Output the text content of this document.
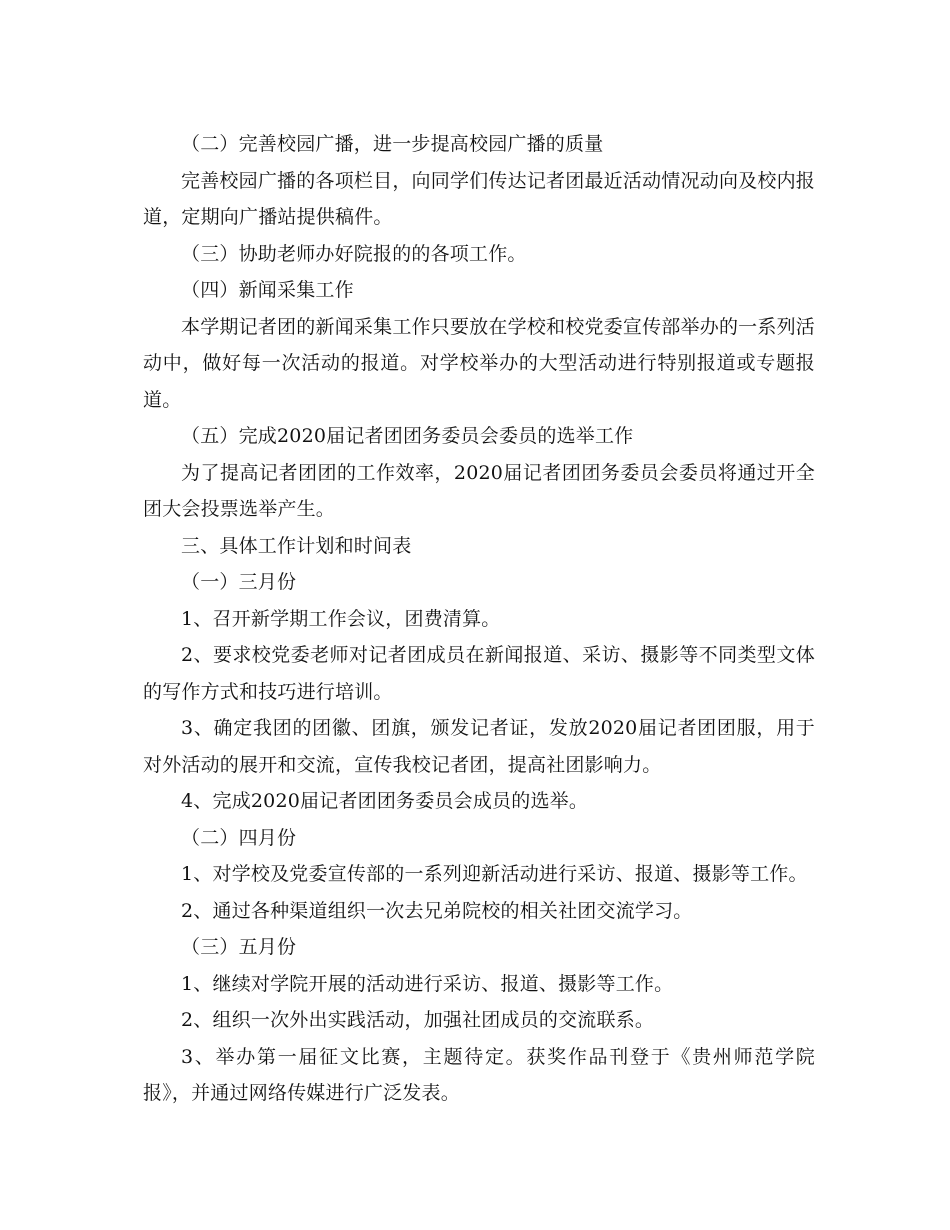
（二）完善校园广播，进一步提高校园广播的质量

完善校园广播的各项栏目，向同学们传达记者团最近活动情况动向及校内报道，定期向广播站提供稿件。

（三）协助老师办好院报的的各项工作。

（四）新闻采集工作

本学期记者团的新闻采集工作只要放在学校和校党委宣传部举办的一系列活动中，做好每一次活动的报道。对学校举办的大型活动进行特别报道或专题报道。

（五）完成2020届记者团团务委员会委员的选举工作

为了提高记者团团的工作效率，2020届记者团团务委员会委员将通过开全团大会投票选举产生。

三、具体工作计划和时间表

（一）三月份

1、召开新学期工作会议，团费清算。

2、要求校党委老师对记者团成员在新闻报道、采访、摄影等不同类型文体的写作方式和技巧进行培训。

3、确定我团的团徽、团旗，颁发记者证，发放2020届记者团团服，用于对外活动的展开和交流，宣传我校记者团，提高社团影响力。

4、完成2020届记者团团务委员会成员的选举。

（二）四月份

1、对学校及党委宣传部的一系列迎新活动进行采访、报道、摄影等工作。

2、通过各种渠道组织一次去兄弟院校的相关社团交流学习。

（三）五月份

1、继续对学院开展的活动进行采访、报道、摄影等工作。

2、组织一次外出实践活动，加强社团成员的交流联系。

3、举办第一届征文比赛，主题待定。获奖作品刊登于《贵州师范学院报》，并通过网络传媒进行广泛发表。
